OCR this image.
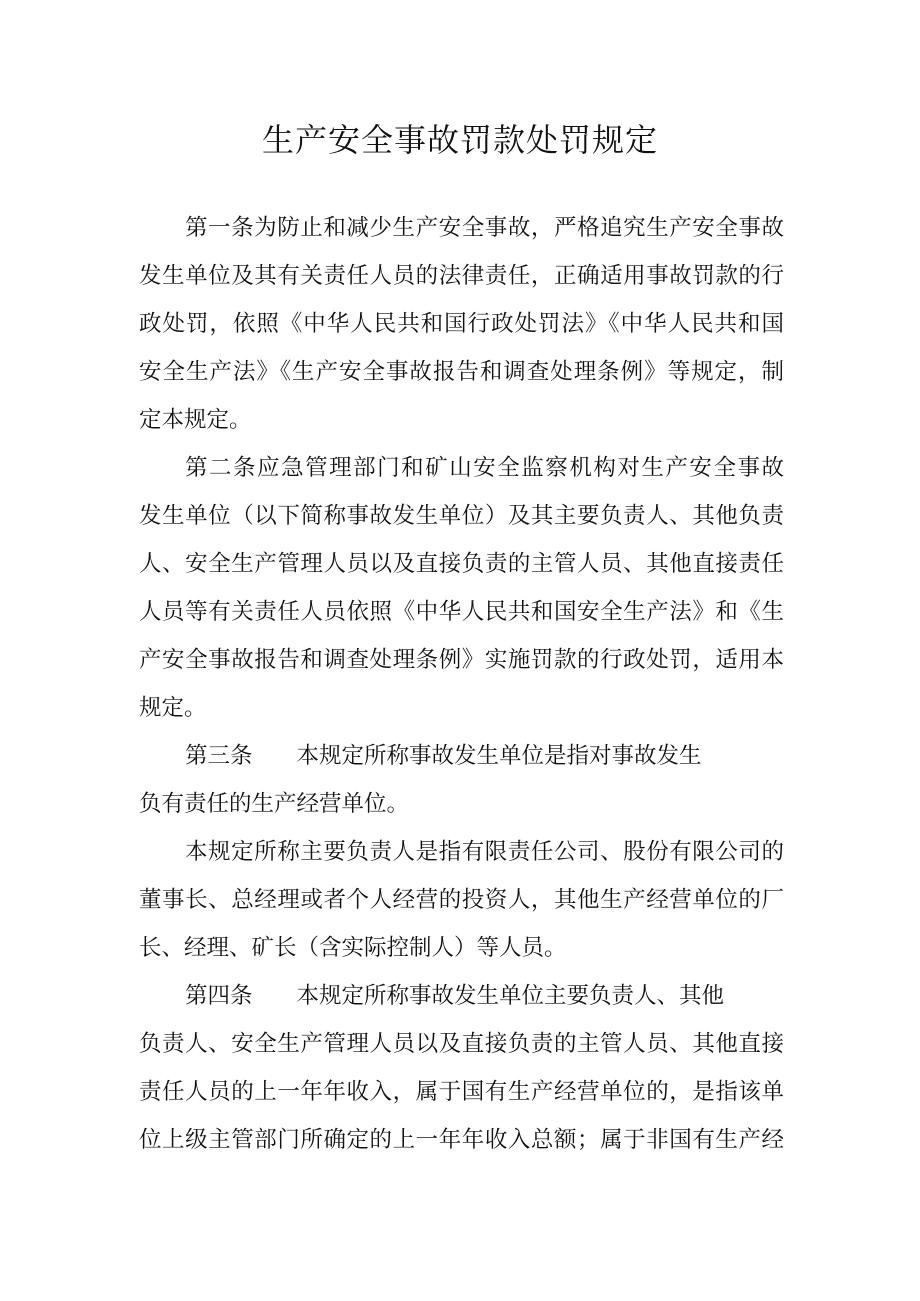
生产安全事故罚款处罚规定

第一条为防止和减少生产安全事故，严格追究生产安全事故
发生单位及其有关责任人员的法律责任，正确适用事故罚款的行
政处罚，依照《中华人民共和国行政处罚法》《中华人民共和国
安全生产法》《生产安全事故报告和调查处理条例》等规定，制
定本规定。

第二条应急管理部门和矿山安全监察机构对生产安全事故
发生单位（以下简称事故发生单位）及其主要负责人、其他负责
人、安全生产管理人员以及直接负责的主管人员、其他直接责任
人员等有关责任人员依照《中华人民共和国安全生产法》和《生
产安全事故报告和调查处理条例》实施罚款的行政处罚，适用本
规定。

第三条 本规定所称事故发生单位是指对事故发生
负有责任的生产经营单位。

本规定所称主要负责人是指有限责任公司、股份有限公司的
董事长、总经理或者个人经营的投资人，其他生产经营单位的厂
长、经理、矿长（含实际控制人）等人员。

第四条 本规定所称事故发生单位主要负责人、其他
负责人、安全生产管理人员以及直接负责的主管人员、其他直接
责任人员的上一年年收入，属于国有生产经营单位的，是指该单
位上级主管部门所确定的上一年年收入总额；属于非国有生产经
